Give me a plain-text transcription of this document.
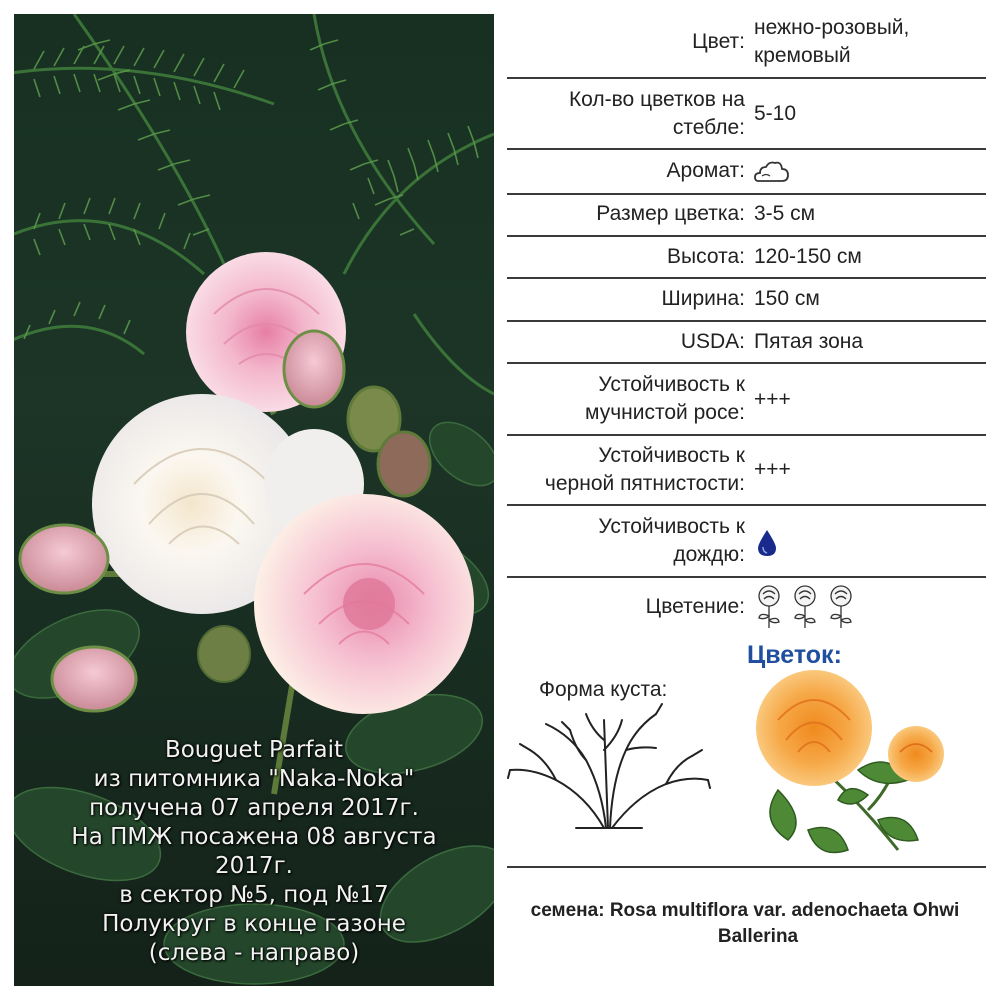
Bouguet Parfait
из питомника "Naka-Noka"
получена 07 апреля 2017г.
На ПМЖ посажена 08 августа
2017г.
в сектор №5, под №17
Полукруг в конце газоне
(слева - направо)
Цвет:
нежно-розовый,
кремовый
Кол-во цветков на
стебле:
5-10
Аромат:
Размер цветка: 3-5 см
Высота: 120-150 см
Ширина: 150 см
USDA: Пятая зона
Устойчивость к
мучнистой росе:
+++
Устойчивость к
черной пятнистости:
+++
Устойчивость к
дождю:
Цветение:
Форма куста:
Цветок:
семена: Rosa multiflora var. adenochaeta Ohwi
Ballerina
